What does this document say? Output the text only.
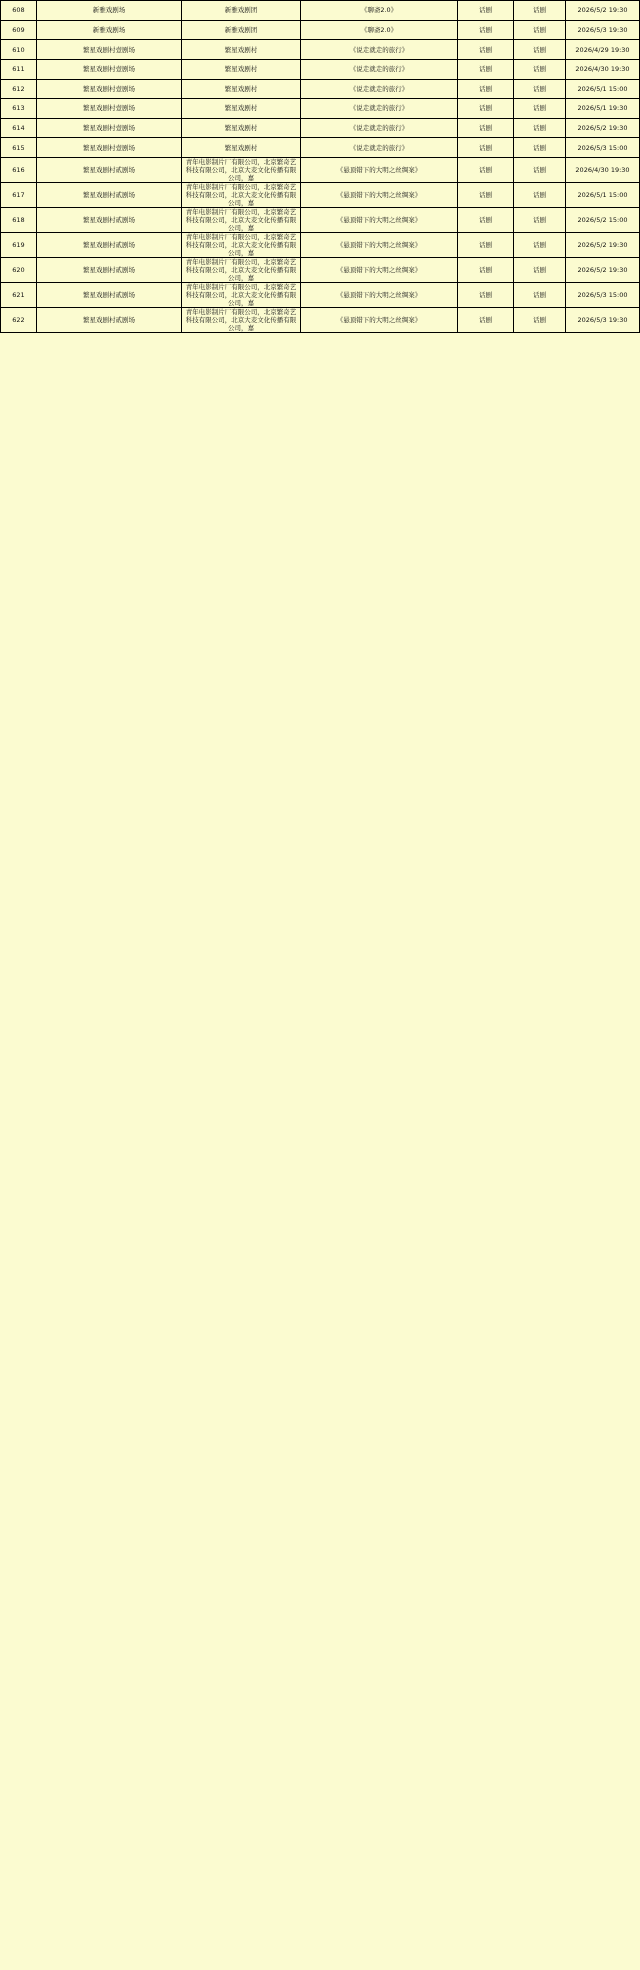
608	新雅戏剧场	新雅戏剧团	《聊斋2.0》	话剧	话剧	2026/5/2 19:30
609	新雅戏剧场	新雅戏剧团	《聊斋2.0》	话剧	话剧	2026/5/3 19:30
610	繁星戏剧村壹剧场	繁星戏剧村	《说走就走的旅行》	话剧	话剧	2026/4/29 19:30
611	繁星戏剧村壹剧场	繁星戏剧村	《说走就走的旅行》	话剧	话剧	2026/4/30 19:30
612	繁星戏剧村壹剧场	繁星戏剧村	《说走就走的旅行》	话剧	话剧	2026/5/1 15:00
613	繁星戏剧村壹剧场	繁星戏剧村	《说走就走的旅行》	话剧	话剧	2026/5/1 19:30
614	繁星戏剧村壹剧场	繁星戏剧村	《说走就走的旅行》	话剧	话剧	2026/5/2 19:30
615	繁星戏剧村壹剧场	繁星戏剧村	《说走就走的旅行》	话剧	话剧	2026/5/3 15:00
616	繁星戏剧村贰剧场	青年电影制片厂有限公司，北京繁奇艺科技有限公司，北京大麦文化传播有限公司，嘉	《悬顶错下的大明之丝绸案》	话剧	话剧	2026/4/30 19:30
617	繁星戏剧村贰剧场	青年电影制片厂有限公司，北京繁奇艺科技有限公司，北京大麦文化传播有限公司，嘉	《悬顶错下的大明之丝绸案》	话剧	话剧	2026/5/1 15:00
618	繁星戏剧村贰剧场	青年电影制片厂有限公司，北京繁奇艺科技有限公司，北京大麦文化传播有限公司，嘉	《悬顶错下的大明之丝绸案》	话剧	话剧	2026/5/2 15:00
619	繁星戏剧村贰剧场	青年电影制片厂有限公司，北京繁奇艺科技有限公司，北京大麦文化传播有限公司，嘉	《悬顶错下的大明之丝绸案》	话剧	话剧	2026/5/2 19:30
620	繁星戏剧村贰剧场	青年电影制片厂有限公司，北京繁奇艺科技有限公司，北京大麦文化传播有限公司，嘉	《悬顶错下的大明之丝绸案》	话剧	话剧	2026/5/2 19:30
621	繁星戏剧村贰剧场	青年电影制片厂有限公司，北京繁奇艺科技有限公司，北京大麦文化传播有限公司，嘉	《悬顶错下的大明之丝绸案》	话剧	话剧	2026/5/3 15:00
622	繁星戏剧村贰剧场	青年电影制片厂有限公司，北京繁奇艺科技有限公司，北京大麦文化传播有限公司，嘉	《悬顶错下的大明之丝绸案》	话剧	话剧	2026/5/3 19:30
